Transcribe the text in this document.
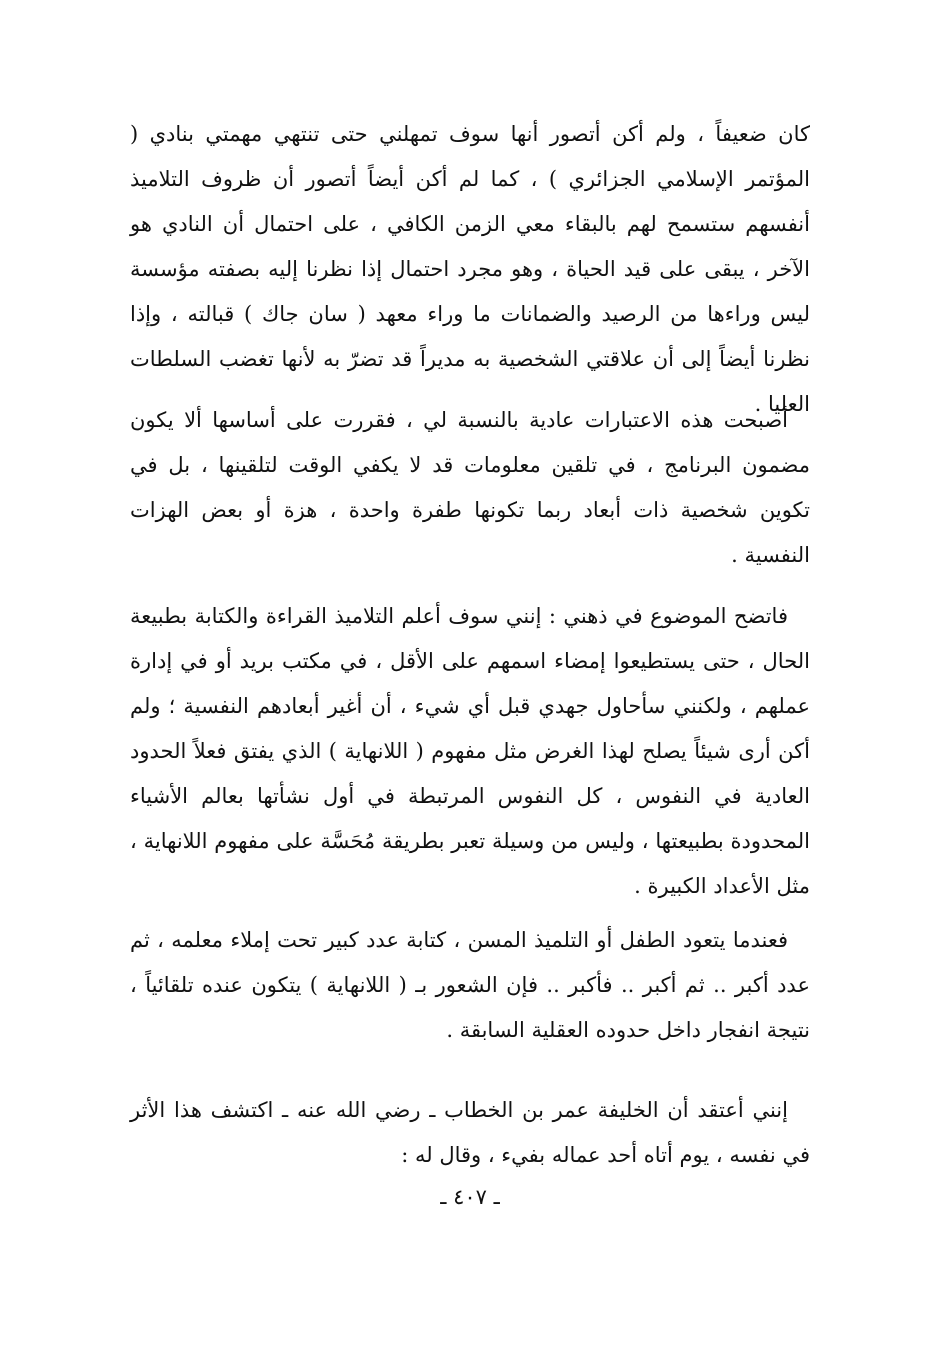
كان ضعيفاً ، ولم أكن أتصور أنها سوف تمهلني حتى تنتهي مهمتي بنادي ( المؤتمر الإسلامي الجزائري ) ، كما لم أكن أيضاً أتصور أن ظروف التلاميذ أنفسهم ستسمح لهم بالبقاء معي الزمن الكافي ، على احتمال أن النادي هو الآخر ، يبقى على قيد الحياة ، وهو مجرد احتمال إذا نظرنا إليه بصفته مؤسسة ليس وراءها من الرصيد والضمانات ما وراء معهد ( سان جاك ) قبالته ، وإذا نظرنا أيضاً إلى أن علاقتي الشخصية به مديراً قد تضرّ به لأنها تغضب السلطات العليا .

أصبحت هذه الاعتبارات عادية بالنسبة لي ، فقررت على أساسها ألا يكون مضمون البرنامج ، في تلقين معلومات قد لا يكفي الوقت لتلقينها ، بل في تكوين شخصية ذات أبعاد ربما تكونها طفرة واحدة ، هزة أو بعض الهزات النفسية .

فاتضح الموضوع في ذهني : إنني سوف أعلم التلاميذ القراءة والكتابة بطبيعة الحال ، حتى يستطيعوا إمضاء اسمهم على الأقل ، في مكتب بريد أو في إدارة عملهم ، ولكنني سأحاول جهدي قبل أي شيء ، أن أغير أبعادهم النفسية ؛ ولم أكن أرى شيئاً يصلح لهذا الغرض مثل مفهوم ( اللانهاية ) الذي يفتق فعلاً الحدود العادية في النفوس ، كل النفوس المرتبطة في أول نشأتها بعالم الأشياء المحدودة بطبيعتها ، وليس من وسيلة تعبر بطريقة مُحَسَّة على مفهوم اللانهاية ، مثل الأعداد الكبيرة .

فعندما يتعود الطفل أو التلميذ المسن ، كتابة عدد كبير تحت إملاء معلمه ، ثم عدد أكبر .. ثم أكبر .. فأكبر .. فإن الشعور بـ ( اللانهاية ) يتكون عنده تلقائياً ، نتيجة انفجار داخل حدوده العقلية السابقة .

إنني أعتقد أن الخليفة عمر بن الخطاب ـ رضي الله عنه ـ اكتشف هذا الأثر في نفسه ، يوم أتاه أحد عماله بفيء ، وقال له :

ـ ٤٠٧ ـ
